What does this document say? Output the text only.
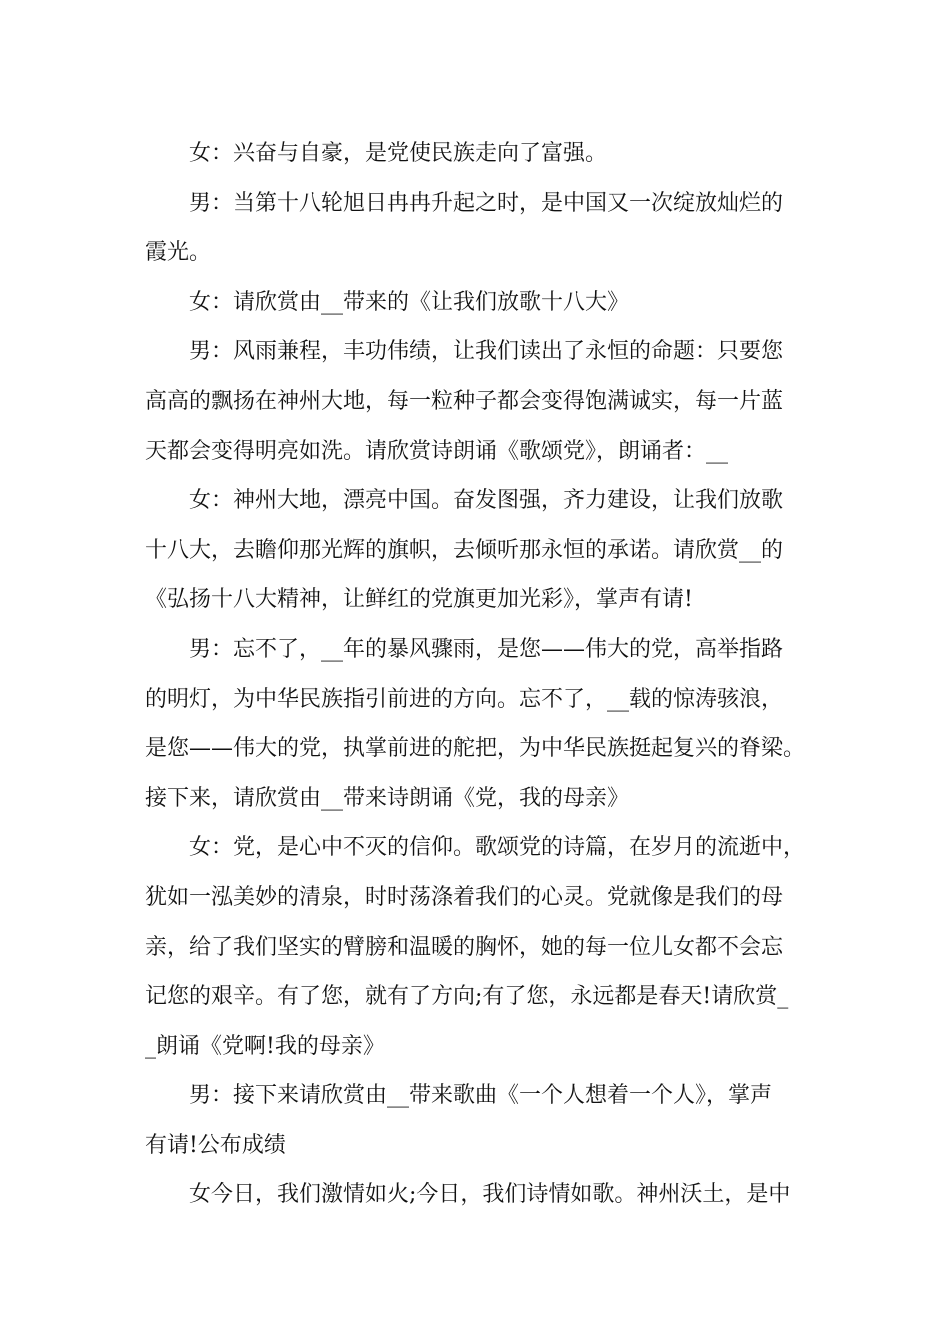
女：兴奋与自豪，是党使民族走向了富强。
男：当第十八轮旭日冉冉升起之时，是中国又一次绽放灿烂的
霞光。
女：请欣赏由__带来的《让我们放歌十八大》
男：风雨兼程，丰功伟绩，让我们读出了永恒的命题：只要您
高高的飘扬在神州大地，每一粒种子都会变得饱满诚实，每一片蓝
天都会变得明亮如洗。请欣赏诗朗诵《歌颂党》，朗诵者：__
女：神州大地，漂亮中国。奋发图强，齐力建设，让我们放歌
十八大，去瞻仰那光辉的旗帜，去倾听那永恒的承诺。请欣赏__的
《弘扬十八大精神，让鲜红的党旗更加光彩》，掌声有请!
男：忘不了，__年的暴风骤雨，是您——伟大的党，高举指路
的明灯，为中华民族指引前进的方向。忘不了，__载的惊涛骇浪，
是您——伟大的党，执掌前进的舵把，为中华民族挺起复兴的脊梁。
接下来，请欣赏由__带来诗朗诵《党，我的母亲》
女：党，是心中不灭的信仰。歌颂党的诗篇，在岁月的流逝中，
犹如一泓美妙的清泉，时时荡涤着我们的心灵。党就像是我们的母
亲，给了我们坚实的臂膀和温暖的胸怀，她的每一位儿女都不会忘
记您的艰辛。有了您，就有了方向;有了您，永远都是春天!请欣赏_
_朗诵《党啊!我的母亲》
男：接下来请欣赏由__带来歌曲《一个人想着一个人》，掌声
有请!公布成绩
女今日，我们激情如火;今日，我们诗情如歌。神州沃土，是中
